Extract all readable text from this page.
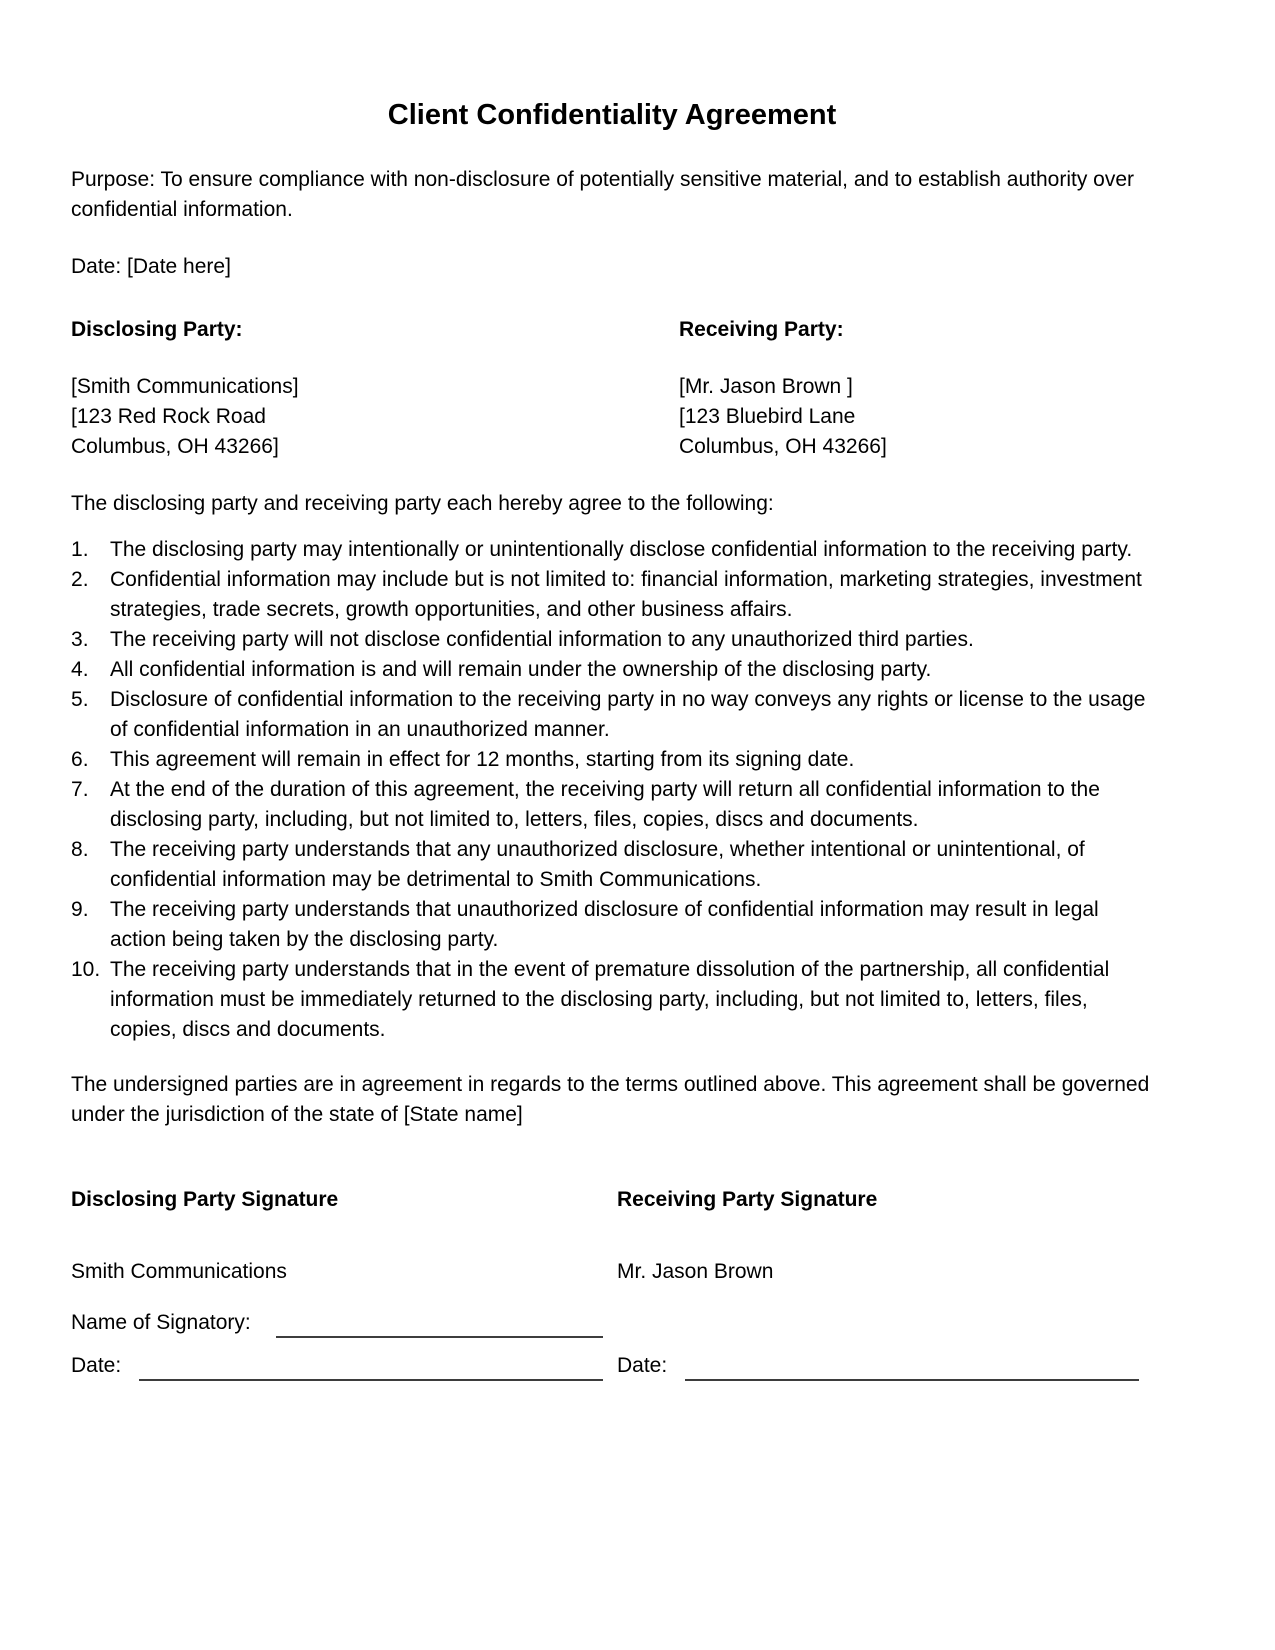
Client Confidentiality Agreement

Purpose: To ensure compliance with non-disclosure of potentially sensitive material, and to establish authority over confidential information.

Date: [Date here]

Disclosing Party:

[Smith Communications]

[123 Red Rock Road

Columbus, OH 43266]

Receiving Party:

[Mr. Jason Brown ]

[123 Bluebird Lane

Columbus, OH 43266]

The disclosing party and receiving party each hereby agree to the following:

The disclosing party may intentionally or unintentionally disclose confidential information to the receiving party.
Confidential information may include but is not limited to: financial information, marketing strategies, investment strategies, trade secrets, growth opportunities, and other business affairs.
The receiving party will not disclose confidential information to any unauthorized third parties.
All confidential information is and will remain under the ownership of the disclosing party.
Disclosure of confidential information to the receiving party in no way conveys any rights or license to the usage of confidential information in an unauthorized manner.
This agreement will remain in effect for 12 months, starting from its signing date.
At the end of the duration of this agreement, the receiving party will return all confidential information to the disclosing party, including, but not limited to, letters, files, copies, discs and documents.
The receiving party understands that any unauthorized disclosure, whether intentional or unintentional, of confidential information may be detrimental to Smith Communications.
The receiving party understands that unauthorized disclosure of confidential information may result in legal action being taken by the disclosing party.
The receiving party understands that in the event of premature dissolution of the partnership, all confidential information must be immediately returned to the disclosing party, including, but not limited to, letters, files, copies, discs and documents.

The undersigned parties are in agreement in regards to the terms outlined above. This agreement shall be governed under the jurisdiction of the state of [State name]

Disclosing Party Signature

Smith Communications

Name of Signatory:
Date:

Receiving Party Signature

Mr. Jason Brown

Date:
